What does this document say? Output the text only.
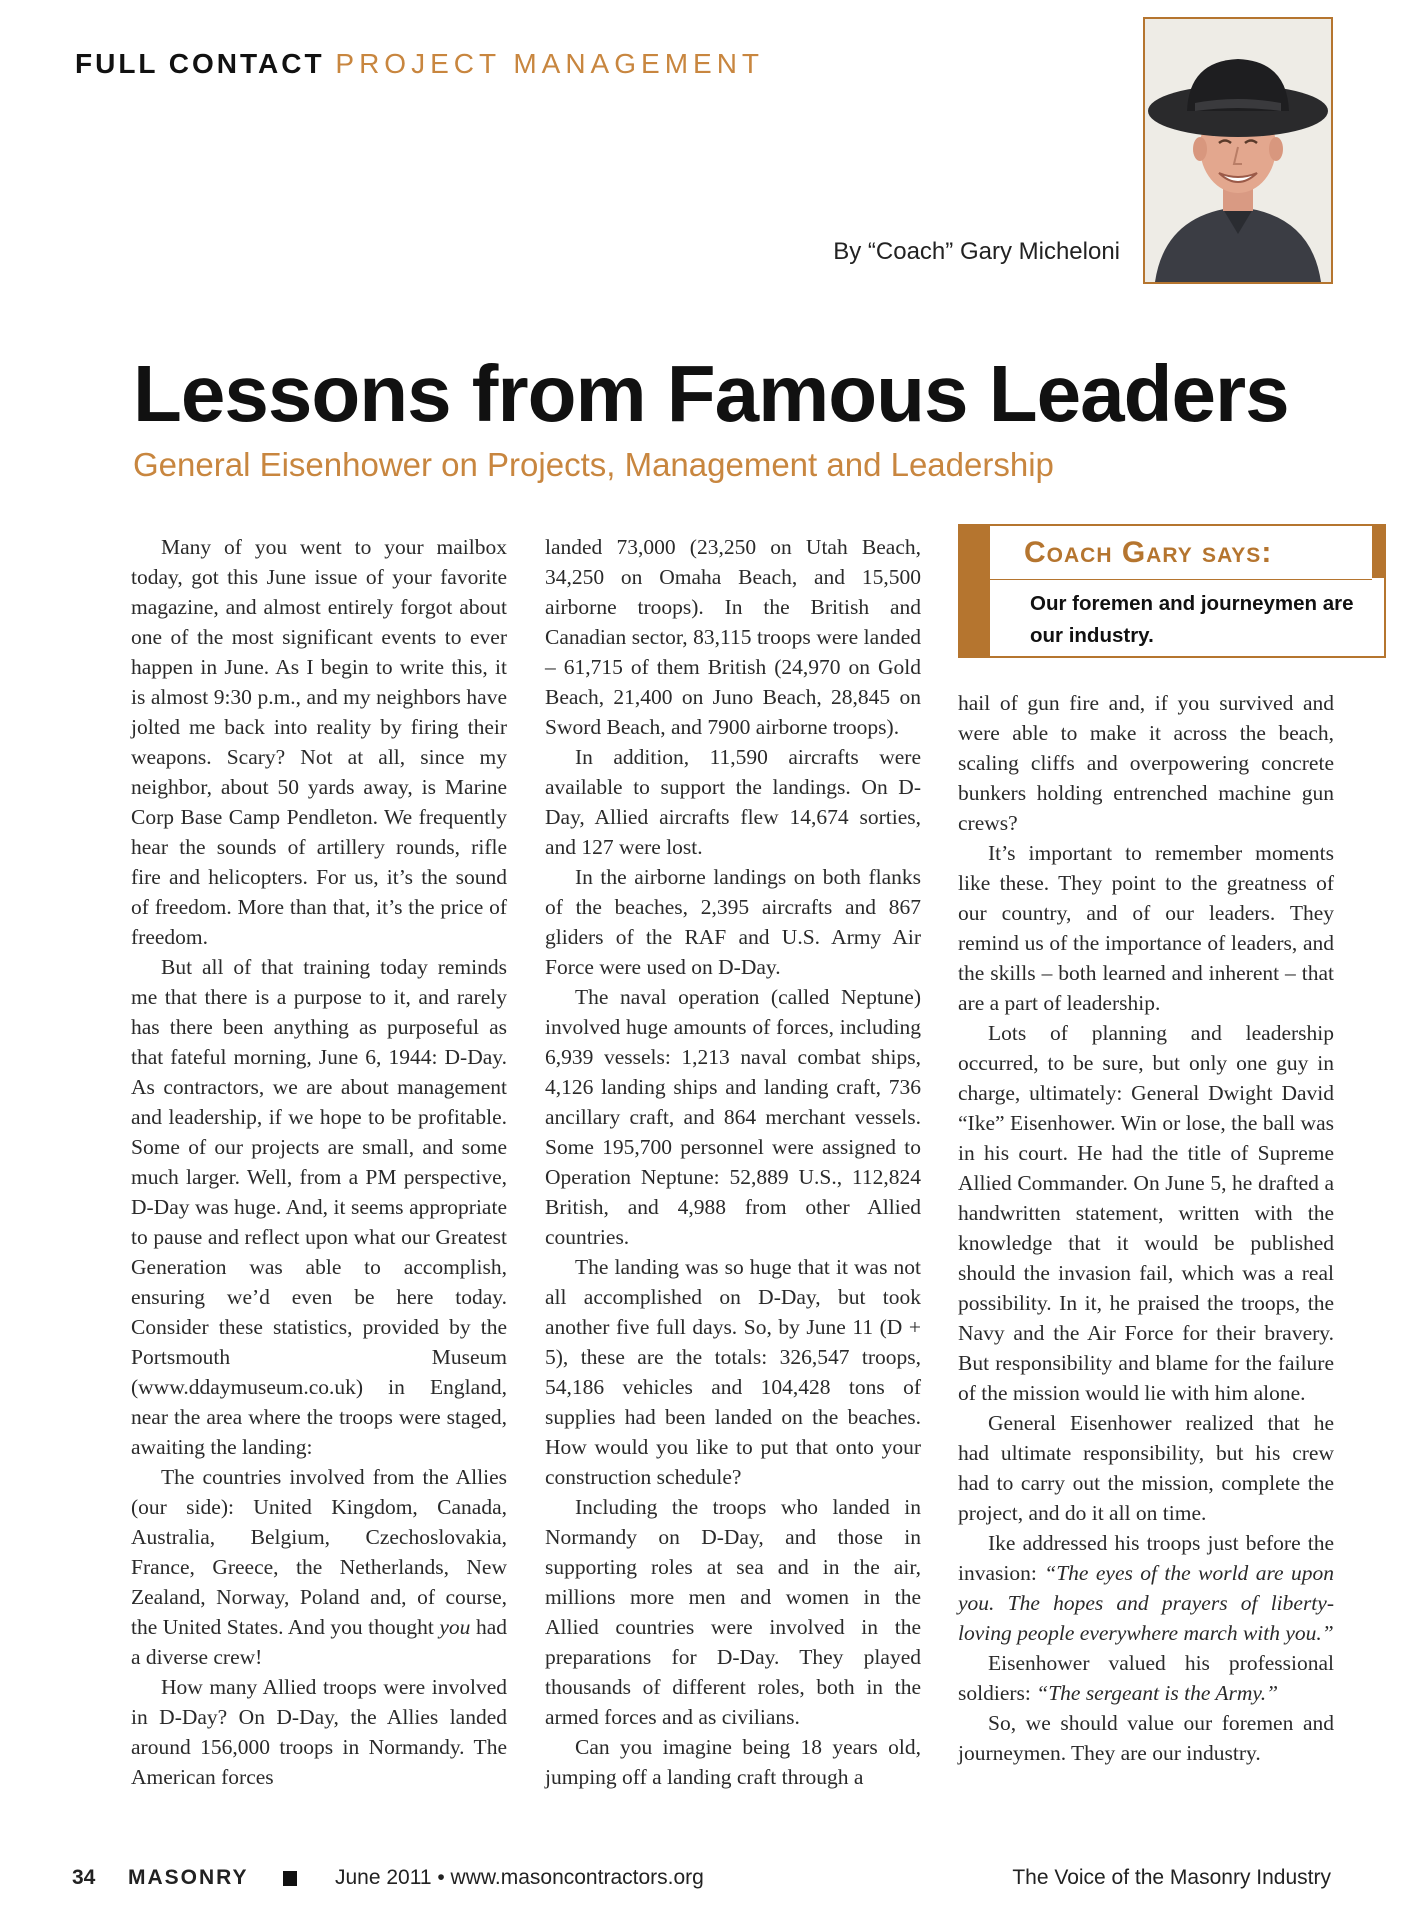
FULL CONTACT PROJECT MANAGEMENT
By “Coach” Gary Micheloni
Lessons from Famous Leaders
General Eisenhower on Projects, Management and Leadership

Many of you went to your mailbox today, got this June issue of your favorite magazine, and almost entirely forgot about one of the most significant events to ever happen in June. As I begin to write this, it is almost 9:30 p.m., and my neighbors have jolted me back into reality by firing their weapons. Scary? Not at all, since my neighbor, about 50 yards away, is Marine Corp Base Camp Pendleton. We frequently hear the sounds of artillery rounds, rifle fire and helicopters. For us, it’s the sound of freedom. More than that, it’s the price of freedom.

But all of that training today reminds me that there is a purpose to it, and rarely has there been anything as purposeful as that fateful morning, June 6, 1944: D-Day. As contractors, we are about management and leadership, if we hope to be profitable. Some of our projects are small, and some much larger. Well, from a PM perspective, D-Day was huge. And, it seems appropriate to pause and reflect upon what our Greatest Generation was able to accomplish, ensuring we’d even be here today. Consider these statistics, provided by the Portsmouth Museum (www.ddaymuseum.co.uk) in England, near the area where the troops were staged, awaiting the landing:

The countries involved from the Allies (our side): United Kingdom, Canada, Australia, Belgium, Czechoslovakia, France, Greece, the Netherlands, New Zealand, Norway, Poland and, of course, the United States. And you thought you had a diverse crew!

How many Allied troops were involved in D-Day? On D-Day, the Allies landed around 156,000 troops in Normandy. The American forces

landed 73,000 (23,250 on Utah Beach, 34,250 on Omaha Beach, and 15,500 airborne troops). In the British and Canadian sector, 83,115 troops were landed – 61,715 of them British (24,970 on Gold Beach, 21,400 on Juno Beach, 28,845 on Sword Beach, and 7900 airborne troops).

In addition, 11,590 aircrafts were available to support the landings. On D-Day, Allied aircrafts flew 14,674 sorties, and 127 were lost.

In the airborne landings on both flanks of the beaches, 2,395 aircrafts and 867 gliders of the RAF and U.S. Army Air Force were used on D-Day.

The naval operation (called Neptune) involved huge amounts of forces, including 6,939 vessels: 1,213 naval combat ships, 4,126 landing ships and landing craft, 736 ancillary craft, and 864 merchant vessels. Some 195,700 personnel were assigned to Operation Neptune: 52,889 U.S., 112,824 British, and 4,988 from other Allied countries.

The landing was so huge that it was not all accomplished on D-Day, but took another five full days. So, by June 11 (D + 5), these are the totals: 326,547 troops, 54,186 vehicles and 104,428 tons of supplies had been landed on the beaches. How would you like to put that onto your construction schedule?

Including the troops who landed in Normandy on D-Day, and those in supporting roles at sea and in the air, millions more men and women in the Allied countries were involved in the preparations for D-Day. They played thousands of different roles, both in the armed forces and as civilians.

Can you imagine being 18 years old, jumping off a landing craft through a

Coach Gary says:
Our foremen and journeymen are our industry.

hail of gun fire and, if you survived and were able to make it across the beach, scaling cliffs and overpowering concrete bunkers holding entrenched machine gun crews?

It’s important to remember moments like these. They point to the greatness of our country, and of our leaders. They remind us of the importance of leaders, and the skills – both learned and inherent – that are a part of leadership.

Lots of planning and leadership occurred, to be sure, but only one guy in charge, ultimately: General Dwight David “Ike” Eisenhower. Win or lose, the ball was in his court. He had the title of Supreme Allied Commander. On June 5, he drafted a handwritten statement, written with the knowledge that it would be published should the invasion fail, which was a real possibility. In it, he praised the troops, the Navy and the Air Force for their bravery. But responsibility and blame for the failure of the mission would lie with him alone.

General Eisenhower realized that he had ultimate responsibility, but his crew had to carry out the mission, complete the project, and do it all on time.

Ike addressed his troops just before the invasion: “The eyes of the world are upon you. The hopes and prayers of liberty-loving people everywhere march with you.”

Eisenhower valued his professional soldiers: “The sergeant is the Army.”

So, we should value our foremen and journeymen. They are our industry.

34 MASONRY	June 2011 • www.masoncontractors.org	The Voice of the Masonry Industry
